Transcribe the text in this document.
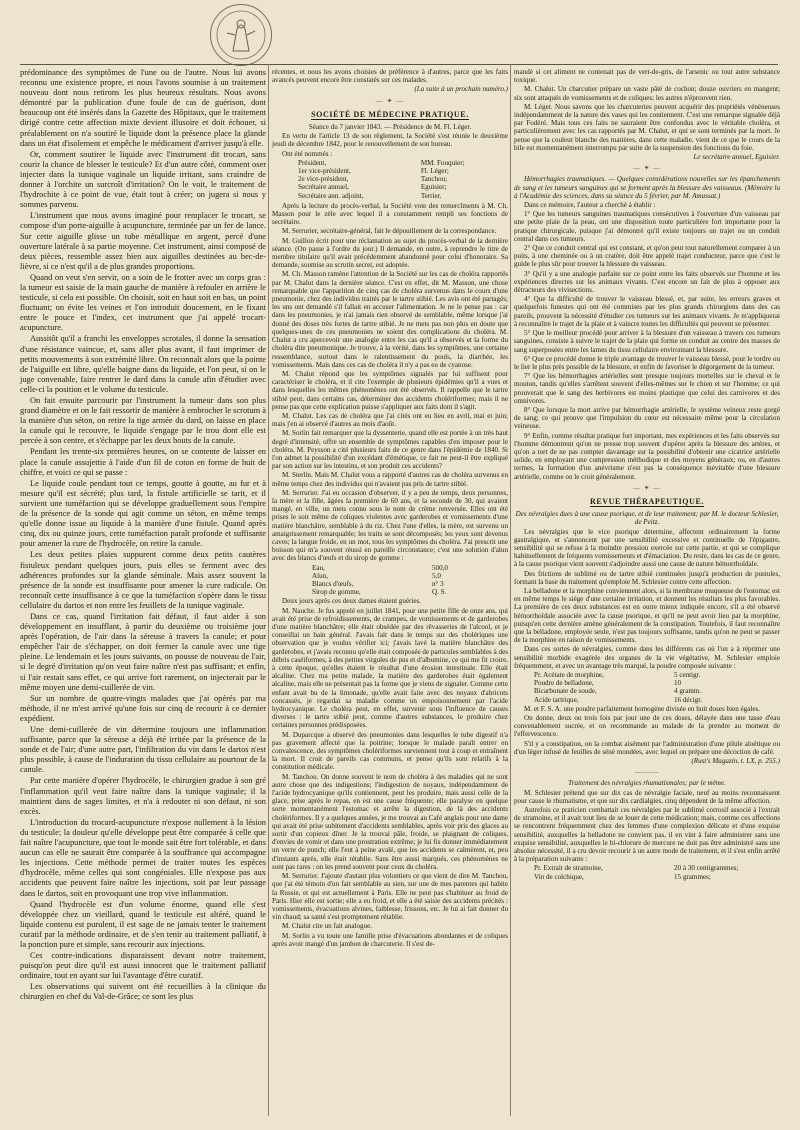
prédominance des symptômes de l'une ou de l'autre. Nous lui avons reconnu une existence propre, et nous l'avons soumise à un traitement nouveau dont nous retirons les plus heureux résultats. Nous avons démontré par la publication d'une foule de cas de guérison, dont beaucoup ont été insérés dans la Gazette des Hôpitaux, que le traitement dirigé contre cette affection mixte devient illusoire et doit échouer, si préalablement on n'a soutiré le liquide dont la présence place la glande dans un état d'isolement et empêche le médicament d'arriver jusqu'à elle.

Or, comment soutirer le liquide avec l'instrument dit trocart, sans courir la chance de blesser le testicule? Et d'un autre côté, comment oser injecter dans la tunique vaginale un liquide irritant, sans craindre de donner à l'orchite un surcroît d'irritation? On le voit, le traitement de l'hydrochite à ce point de vue, était tout à créer; on jugera si nous y sommes parvenu.

L'instrument que nous avons imaginé pour remplacer le trocart, se compose d'un porte-aiguille à acupuncture, terminée par un fer de lance. Sur cette aiguille glisse un tube métallique en argent, percé d'une ouverture latérale à sa partie moyenne. Cet instrument, ainsi composé de deux pièces, ressemble assez bien aux aiguilles destinées au bec-de-lièvre, si ce n'est qu'il a de plus grandes proportions.

Quand on veut s'en servir, on a soin de le frotter avec un corps gras : la tumeur est saisie de la main gauche de manière à refouler en arrière le testicule, si cela est possible. On choisit, soit en haut soit en bas, un point fluctuant; on évite les veines et l'on introduit doucement, en le fixant entre le pouce et l'index, cet instrument que j'ai appelé trocart-acupuncture.

Aussitôt qu'il a franchi les enveloppes scrotales, il donne la sensation d'une résistance vaincue, et, sans aller plus avant, il faut imprimer de petits mouvements à son extrémité libre. On reconnaît alors que la pointe de l'aiguille est libre, qu'elle baigne dans du liquide, et l'on peut, si on le juge convenable, faire rentrer le dard dans la canule afin d'étudier avec celle-ci la position et le volume du testicule.

On fait ensuite parcourir par l'instrument la tumeur dans son plus grand diamètre et on le fait ressortir de manière à embrocher le scrotum à la manière d'un séton, on retire la tige armée du dard, on laisse en place la canule qui le recouvre, le liquide s'engage par le trou dont elle est percée à son centre, et s'échappe par les deux bouts de la canule.

Pendant les trente-six premières heures, on se contente de laisser en place la canule assujettie à l'aide d'un fil de coton en forme de huit de chiffre, et voici ce qui se passe :

Le liquide coule pendant tout ce temps, goutte à goutte, au fur et à mesure qu'il est sécrété; plus tard, la fistule artificielle se tarit, et il survient une tuméfaction qui se développe graduellement sous l'empire de la présence de la sonde qui agit comme un séton, en même temps qu'elle donne issue au liquide à la manière d'une fistule. Quand après cinq, dix ou quinze jours, cette tuméfaction paraît profonde et suffisante pour amener la cure de l'hydrocèle, on retire la canule.

Les deux petites plaies suppurent comme deux petits cautères fistuleux pendant quelques jours, puis elles se ferment avec des adhérences profondes sur la glande séminale. Mais assez souvent la présence de la sonde est insuffisante pour amener la cure radicale. On reconnaît cette insuffisance à ce que la tuméfaction s'opère dans le tissu cellulaire du dartos et non entre les feuillets de la tunique vaginale.

Dans ce cas, quand l'irritation fait défaut, il faut aider à son développement en insufflant, à partir du deuxième ou troisième jour après l'opération, de l'air dans la séreuse à travers la canule; et pour empêcher l'air de s'échapper, on doit fermer la canule avec une tige pleine. Le lendemain et les jours suivants, on pousse de nouveau de l'air, si le degré d'irritation qu'on veut faire naître n'est pas suffisant; et enfin, si l'air restait sans effet, ce qui arrive fort rarement, on injecterait par le même moyen une demi-cuillerée de vin.

Sur un nombre de quatre-vingts malades que j'ai opérés par ma méthode, il ne m'est arrivé qu'une fois sur cinq de recourir à ce dernier expédient.

Une demi-cuillerée de vin détermine toujours une inflammation suffisante, parce que la séreuse a déjà été irritée par la présence de la sonde et de l'air; d'une autre part, l'infiltration du vin dans le dartos n'est plus possible, à cause de l'induration du tissu cellulaire au pourtour de la canule.

Par cette manière d'opérer l'hydrocèle, le chirurgien gradue à son gré l'inflammation qu'il veut faire naître dans la tunique vaginale; il la maintient dans de sages limites, et n'a à redouter ni son défaut, ni son excès.

L'introduction du trocard-acupuncture n'expose nullement à la lésion du testicule; la douleur qu'elle développe peut être comparée à celle que fait naître l'acupuncture, que tout le monde sait être fort tolérable, et dans aucun cas elle ne saurait être comparée à la souffrance qui accompagne les injections. Cette méthode permet de traiter toutes les espèces d'hydrocèle, même celles qui sont congéniales. Elle n'expose pas aux accidents que peuvent faire naître les injections, soit par leur passage dans le dartos, soit en provoquant une trop vive inflammation.

Quand l'hydrocèle est d'un volume énorme, quand elle s'est développée chez un vieillard, quand le testicule est altéré, quand le liquide contenu est purulent, il est sage de ne jamais tenter le traitement curatif par la méthode ordinaire, et de s'en tenir au traitement palliatif, à la ponction pure et simple, sans recourir aux injections.

Ces contre-indications disparaissent devant notre traitement, puisqu'on peut dire qu'il est aussi innocent que le traitement palliatif ordinaire, tout en ayant sur lui l'avantage d'être curatif.

Les observations qui suivent ont été recueillies à la clinique du chirurgien en chef du Val-de-Grâce; ce sont les plus

récentes, et nous les avons choisies de préférence à d'autres, parce que les faits avancés peuvent encore être constatés sur ces malades.

(La suite à un prochain numéro.)

— ✦ —
SOCIÉTÉ DE MÉDECINE PRATIQUE.

Séance du 7 janvier 1843. — Présidence de M. Fl. Léger.

En vertu de l'article 13 de son règlement, la Société s'est réunie le deuxième jeudi de décembre 1842, pour le renouvellement de son bureau.

Ont été nommés :

Président,	MM. Fouquier;
1er vice-président,	Fl. Léger;
2e vice-président,	Tanchou;
Secrétaire annuel,	Eguisier;
Secrétaire ann. adjoint,	Terrier.

Après la lecture du procès-verbal, la Société vote des remercîments à M. Ch. Masson pour le zèle avec lequel il a constamment rempli ses fonctions de secrétaire.

M. Serrurier, secrétaire-général, fait le dépouillement de la correspondance.

M. Guillon écrit pour une réclamation au sujet du procès-verbal de la dernière séance. (On passe à l'ordre du jour.) Il demande, en outre, à reprendre le titre de membre titulaire qu'il avait précédemment abandonné pour celui d'honoraire. Sa demande, soumise au scrutin secret, est adoptée.

M. Ch. Masson ramène l'attention de la Société sur les cas de choléra rapportés par M. Chalut dans la dernière séance. C'est en effet, dit M. Masson, une chose remarquable que l'apparition de cinq cas de choléra survenus dans le cours d'une pneumonie, chez des individus traités par le tartre stibié. Les avis ont été partagés; les uns ont demandé s'il fallait en accuser l'alimentation. Je ne le pense pas : car dans les pneumonies, je n'ai jamais rien observé de semblable, même lorsque j'ai donné des doses très fortes de tartre stibié. Je ne mets pas non plus en doute que quelques-unes de ces pneumonies ne soient des complications du choléra. M. Chalut a cru apercevoir une analogie entre les cas qu'il a observés et la forme du choléra dite pneumonique. Je trouve, à la vérité, dans les symptômes, une certaine ressemblance, surtout dans le ralentissement du pouls, la diarrhée, les vomissements. Mais dans ces cas de choléra il n'y a pas eu de cyanose.

M. Chalut répond que les symptômes signalés par lui suffisent pour caractériser le choléra, et il cite l'exemple de plusieurs épidémies qu'il a vues et dans lesquelles les mêmes phénomènes ont été observés. Il rappelle que le tartre stibié peut, dans certains cas, déterminer des accidents cholériformes; mais il ne pense pas que cette explication puisse s'appliquer aux faits dont il s'agit.

M. Chalut. Les cas de choléra que j'ai cités ont eu lieu en avril, mai et juin; mais j'en ai observé d'autres au mois d'août.

M. Sorlin fait remarquer que la dyssenterie, quand elle est portée à un très haut degré d'intensité, offre un ensemble de symptômes capables d'en imposer pour le choléra. M. Peysson a cité plusieurs faits de ce genre dans l'épidémie de 1840. Si l'on admet la possibilité d'un excédant d'émétique, ce fait ne peut-il être expliqué par son action sur les intestins, et son produit ces accidents?

M. Sterlin. Mais M. Chalut vous a rapporté d'autres cas de choléra survenus en même temps chez des individus qui n'avaient pas pris de tartre stibié.

M. Serrurier. J'ai eu occasion d'observer, il y a peu de temps, deux personnes, la mère et la fille, âgées la première de 60 ans, et la seconde de 30, qui avaient mangé, en ville, un mets connu sous le nom de crème renversée. Elles ont été prises le soir même de coliques violentes avec garderobes et vomissements d'une matière blanchâtre, semblable à du riz. Chez l'une d'elles, la mère, est survenu un amaigrissement remarquable; les traits se sont décomposés; les yeux sont devenus caves; la langue froide, en un mot, tous les symptômes du choléra. J'ai prescrit une boisson qui m'a souvent réussi en pareille circonstance; c'est une solution d'alun avec des blancs d'œufs et du sirop de gomme :

Eau,	500,0
Alun,	5,0
Blancs d'œufs,	n° 3
Sirop de gomme,	Q. S.

Deux jours après ces deux dames étaient guéries.

M. Nauche. Je fus appelé en juillet 1841, pour une petite fille de onze ans, qui avait été prise de refroidissements, de crampes, de vomissements et de garderobes d'une matière blanchâtre; elle était obsédée par des rêvasseries de l'alcool, et je conseillai un bain général. J'avais fait dans le temps sur des cholériques une observation que je voulus vérifier ici; j'avais lavé la matière blanchâtre des garderobes, et j'avais reconnu qu'elle était composée de particules semblables à des débris caséiformes, à des petites virgules de pus et d'albumine, ce qui me fit croire, à cette époque, qu'elles étaient le résultat d'une érosion intestinale. Elle était alcaline. Chez ma petite malade, la matière des garderobes était également alcaline, mais elle ne présentait pas la forme que je viens de signaler. Comme cette enfant avait bu de la limonade, qu'elle avait faite avec des noyaux d'abricots concassés, je regardai sa maladie comme un empoisonnement par l'acide hydrocyanique. Le choléra peut, en effet, survenir sous l'influence de causes diverses : le tartre stibié peut, comme d'autres substances, le produire chez certaines personnes prédisposées.

M. Duparcque a observé des pneumonies dans lesquelles le tube digestif n'a pas gravement affecté que la poitrine; lorsque le malade paraît entrer en convalescence, des symptômes cholériformes surviennent tout à coup et entraînent la mort. Il croit de pareils cas communs, et pense qu'ils sont relatifs à la constitution médicale.

M. Tanchou. On donne souvent le nom de choléra à des maladies qui ne sont autre chose que des indigestions; l'indigestion de noyaux, indépendamment de l'acide hydrocyanique qu'ils contiennent, peut les produire, mais aussi celle de la glace, prise après le repas, en est une cause fréquente; elle paralyse en quelque sorte momentanément l'estomac et arrête la digestion, de là des accidents cholériformes. Il y a quelques années, je me trouvai au Café anglais pour une dame qui avait été prise subitement d'accidents semblables, après voir pris des glaces au sortir d'un copieux dîner. Je la trouvai pâle, froide, se plaignant de coliques, d'envies de vomir et dans une prostration extrême; je lui fis donner immédiatement un verre de punch; elle l'eut à peine avalé, que les accidents se calmèrent, et, peu d'instants après, elle était rétablie. Sans être aussi marqués, ces phénomènes ne sont pas rares : on les prend souvent pour ceux du choléra.

M. Serrurier. J'ajoute d'autant plus volontiers ce que vient de dire M. Tanchou, que j'ai été témoin d'un fait semblable au sien, sur une de mes parentes qui habite la Russie, et qui est actuellement à Paris. Elle ne peut pas s'habituer au froid de Paris. Hier elle est sortie; elle a eu froid, et elle a été saisie des accidents précités : vomissements, évacuations alvines, faiblesse, frissons, etc. Je lui ai fait donner du vin chaud; sa santé s'est promptement rétablie.

M. Chalut cite un fait analogue.

M. Sorlin a vu toute une famille prise d'évacuations abondantes et de coliques après avoir mangé d'un jambon de charcuterie. Il s'est de-

mandé si cet aliment ne contenait pas de vert-de-gris, de l'arsenic ou tout autre substance toxique.

M. Chalut. Un charcutier prépare un vaste pâté de cochon; douze ouvriers en mangent; six sont attaqués de vomissements et de coliques; les autres n'éprouvent rien.

M. Léger. Nous savons que les charcuteries peuvent acquérir des propriétés vénéneuses indépendamment de la nature des vases qui les contiennent. C'est une remarque signalée déjà par Fodéré. Mais tous ces faits ne sauraient être confondus avec le véritable choléra, et particulièrement avec les cas rapportés par M. Chalut, et qui se sont terminés par la mort. Je pense que la couleur blanche des matières, dans cette maladie, vient de ce que le cours de la bile est momentanément interrompu par suite de la suspension des fonctions du foie.

Le secrétaire annuel, Eguisier.

— ✦ —

Hémorrhagies traumatiques. — Quelques considérations nouvelles sur les épanchements de sang et les tumeurs sanguines qui se forment après la blessure des vaisseaux. (Mémoire lu à l'Académie des sciences, dans sa séance du 5 février, par M. Amussat.)

Dans ce mémoire, l'auteur a cherché à établir :

1° Que les tumeurs sanguines traumatiques consécutives à l'ouverture d'un vaisseau par une petite plaie de la peau, ont une disposition toute particulière fort importante pour la pratique chirurgicale, puisque j'ai démontré qu'il existe toujours un trajet ou un conduit central dans ces tumeurs.

2° Que ce conduit central qui est constant, et qu'on peut tout naturellement comparer à un puits, à une cheminée ou à un cratère, doit être appelé trajet conducteur, parce que c'est le guide le plus sûr pour trouver la blessure du vaisseau.

3° Qu'il y a une analogie parfaite sur ce point entre les faits observés sur l'homme et les expériences directes sur les animaux vivants. C'est encore un fait de plus à opposer aux détracteurs des vivisections.

4° Que la difficulté de trouver le vaisseau blessé, et, par suite, les erreurs graves et quelquefois funestes qui ont été commises par les plus grands chirurgiens dans des cas pareils, prouvent la nécessité d'étudier ces tumeurs sur les animaux vivants. Je m'appliquerai à reconnaître le trajet de la plaie et à vaincre toutes les difficultés qui peuvent se présenter.

5° Que le meilleur procédé pour arriver à la blessure d'un vaisseau à travers ces tumeurs sanguines, consiste à suivre le trajet de la plaie qui forme un conduit au centre des masses de sang superposées entre les lames du tissu cellulaire environnant la blessure.

6° Que ce procédé donne le triple avantage de trouver le vaisseau blessé, pour le tordre ou le lier le plus près possible de la blessure, et enfin de favoriser le dégorgement de la tumeur.

7° Que les hémorrhagies artérielles sont presque toujours mortelles sur le cheval et le mouton, tandis qu'elles s'arrêtent souvent d'elles-mêmes sur le chien et sur l'homme; ce qui prouverait que le sang des herbivores est moins plastique que celui des carnivores et des omnivores.

8° Que lorsque la mort arrive par hémorrhagie artérielle, le système veineux reste gorgé de sang; ce qui prouve que l'impulsion du cœur est nécessaire même pour la circulation veineuse.

9° Enfin, comme résultat pratique fort important, mes expériences et les faits observés sur l'homme démontrent qu'on ne presse trop souvent d'opérer après la blessure des artères, et qu'on a tort de ne pas compter davantage sur la possibilité d'obtenir une cicatrice artérielle solide, en employant une compression méthodique et des moyens généraux; ou, en d'autres termes, la formation d'un anévrisme n'est pas la conséquence inévitable d'une blessure artérielle, comme on le croit généralement.

— ✦ —
REVUE THÉRAPEUTIQUE.

Des névralgies dues à une cause psorique, et de leur traitement; par M. le docteur Schlesier, de Peitz.

Les névralgies que le vice psorique détermine, affectent ordinairement la forme gastralgique, et s'annoncent par une sensibilité excessive et continuelle de l'épigastre, sensibilité qui se refuse à la moindre pression exercée sur cette partie, et qui se complique habituellement de fréquents vomissements et d'émaciation. Du reste, dans les cas de ce genre, à la cause psorique vient souvent s'adjoindre aussi une cause de nature hémorrhoïdale.

Des frictions de sublimé ou de tartre stibié continuées jusqu'à production de pustules, formant la base du traitement qu'emploie M. Schlesier contre cette affection.

La belladone et la morphine conviennent alors, si la membrane muqueuse de l'estomac est en même temps le siége d'une certaine irritation, et donnent les résultats les plus favorables. La première de ces deux substances est en outre mieux indiquée encore, s'il a été observé hémorrhoïdale associée avec la cause psorique, et qu'il ne peut avoir lieu par la morphine, puisqu'en cette dernière amène généralement de la constipation. Toutefois, il faut reconnaître que la belladone, employée seule, n'est pas toujours suffisante, tandis qu'on ne peut se passer de la morphine en raison de vomissements.

Dans ces sortes de névralgies, comme dans les différents cas où l'on a à réprimer une sensibilité morbide exagérée des organes de la vie végétative, M. Schlesier emploie fréquemment, et avec un avantage très marqué, la poudre composée suivante :

Pr. Acétate de morphine,	5 centigr.
Poudre de belladone,	10
Bicarbonate de soude,	4 gramm.
Acide tartrique,	16 décigr.

M. et F. S. A. une poudre parfaitement homogène divisée en huit doses bien égales.

On donne, deux ou trois fois par jour une de ces doses, délayée dans une tasse d'eau convenablement sucrée, et on recommande au malade de la prendre au moment de l'effervescence.

S'il y a constipation, on la combat aisément par l'administration d'une pilule aloétique ou d'un léger infusé de feuilles de séné mondées, avec lequel on prépare une décoction de café.

(Rust's Magazin, t. LX, p. 255.)

———

Traitement des névralgies rhumatismales; par le même.

M. Schlesier prétend que sur dix cas de névralgie faciale, neuf au moins reconnaissent pour cause le rhumatisme, et que sur dix cardialgies, cinq dépendent de la même affection.

Autrefois ce praticien combattait ces névralgies par le sublimé corrosif associé à l'extrait de stramoine, et il avait tout lieu de se louer de cette médication; mais, comme ces affections se rencontrent fréquemment chez des femmes d'une complexion délicate et d'une exquise sensibilité, auxquelles la belladone ne convient pas, il en vint à faire administrer sans une exquise sensibilité, auxquelles le bi-chlorure de mercure ne doit pas être administré sans une absolue nécessité, il a cru devoir recourir à un autre mode de traitement, et il s'est enfin arrêté à la préparation suivante :

Pr. Extrait de stramoine,	20 à 30 centigrammes;
Vin de colchique,	15 grammes;
